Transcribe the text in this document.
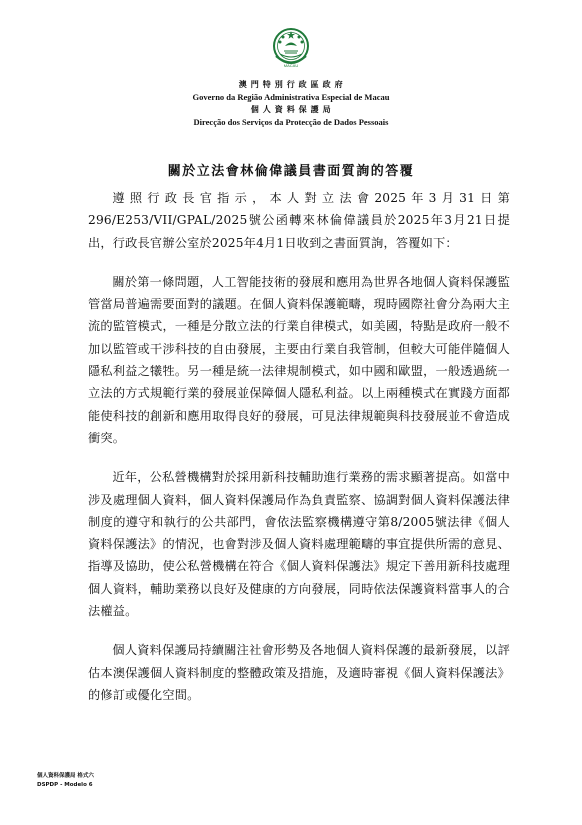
MACAU
澳 門 特 別 行 政 區 政 府
Governo da Região Administrativa Especial de Macau
個 人 資 料 保 護 局
Direcção dos Serviços da Protecção de Dados Pessoais
關於立法會林倫偉議員書面質詢的答覆

遵照行政長官指示，本人對立法會2025年3月31日第296/E253/VII/GPAL/2025號公函轉來林倫偉議員於2025年3月21日提出，行政長官辦公室於2025年4月1日收到之書面質詢，答覆如下：

關於第一條問題，人工智能技術的發展和應用為世界各地個人資料保護監管當局普遍需要面對的議題。在個人資料保護範疇，現時國際社會分為兩大主流的監管模式，一種是分散立法的行業自律模式，如美國，特點是政府一般不加以監管或干涉科技的自由發展，主要由行業自我管制，但較大可能伴隨個人隱私利益之犧牲。另一種是統一法律規制模式，如中國和歐盟，一般透過統一立法的方式規範行業的發展並保障個人隱私利益。以上兩種模式在實踐方面都能使科技的創新和應用取得良好的發展，可見法律規範與科技發展並不會造成衝突。

近年，公私營機構對於採用新科技輔助進行業務的需求顯著提高。如當中涉及處理個人資料，個人資料保護局作為負責監察、協調對個人資料保護法律制度的遵守和執行的公共部門，會依法監察機構遵守第8/2005號法律《個人資料保護法》的情況，也會對涉及個人資料處理範疇的事宜提供所需的意見、指導及協助，使公私營機構在符合《個人資料保護法》規定下善用新科技處理個人資料，輔助業務以良好及健康的方向發展，同時依法保護資料當事人的合法權益。

個人資料保護局持續關注社會形勢及各地個人資料保護的最新發展，以評估本澳保護個人資料制度的整體政策及措施，及適時審視《個人資料保護法》的修訂或優化空間。

個人資料保護局 格式六
DSPDP - Modelo 6
